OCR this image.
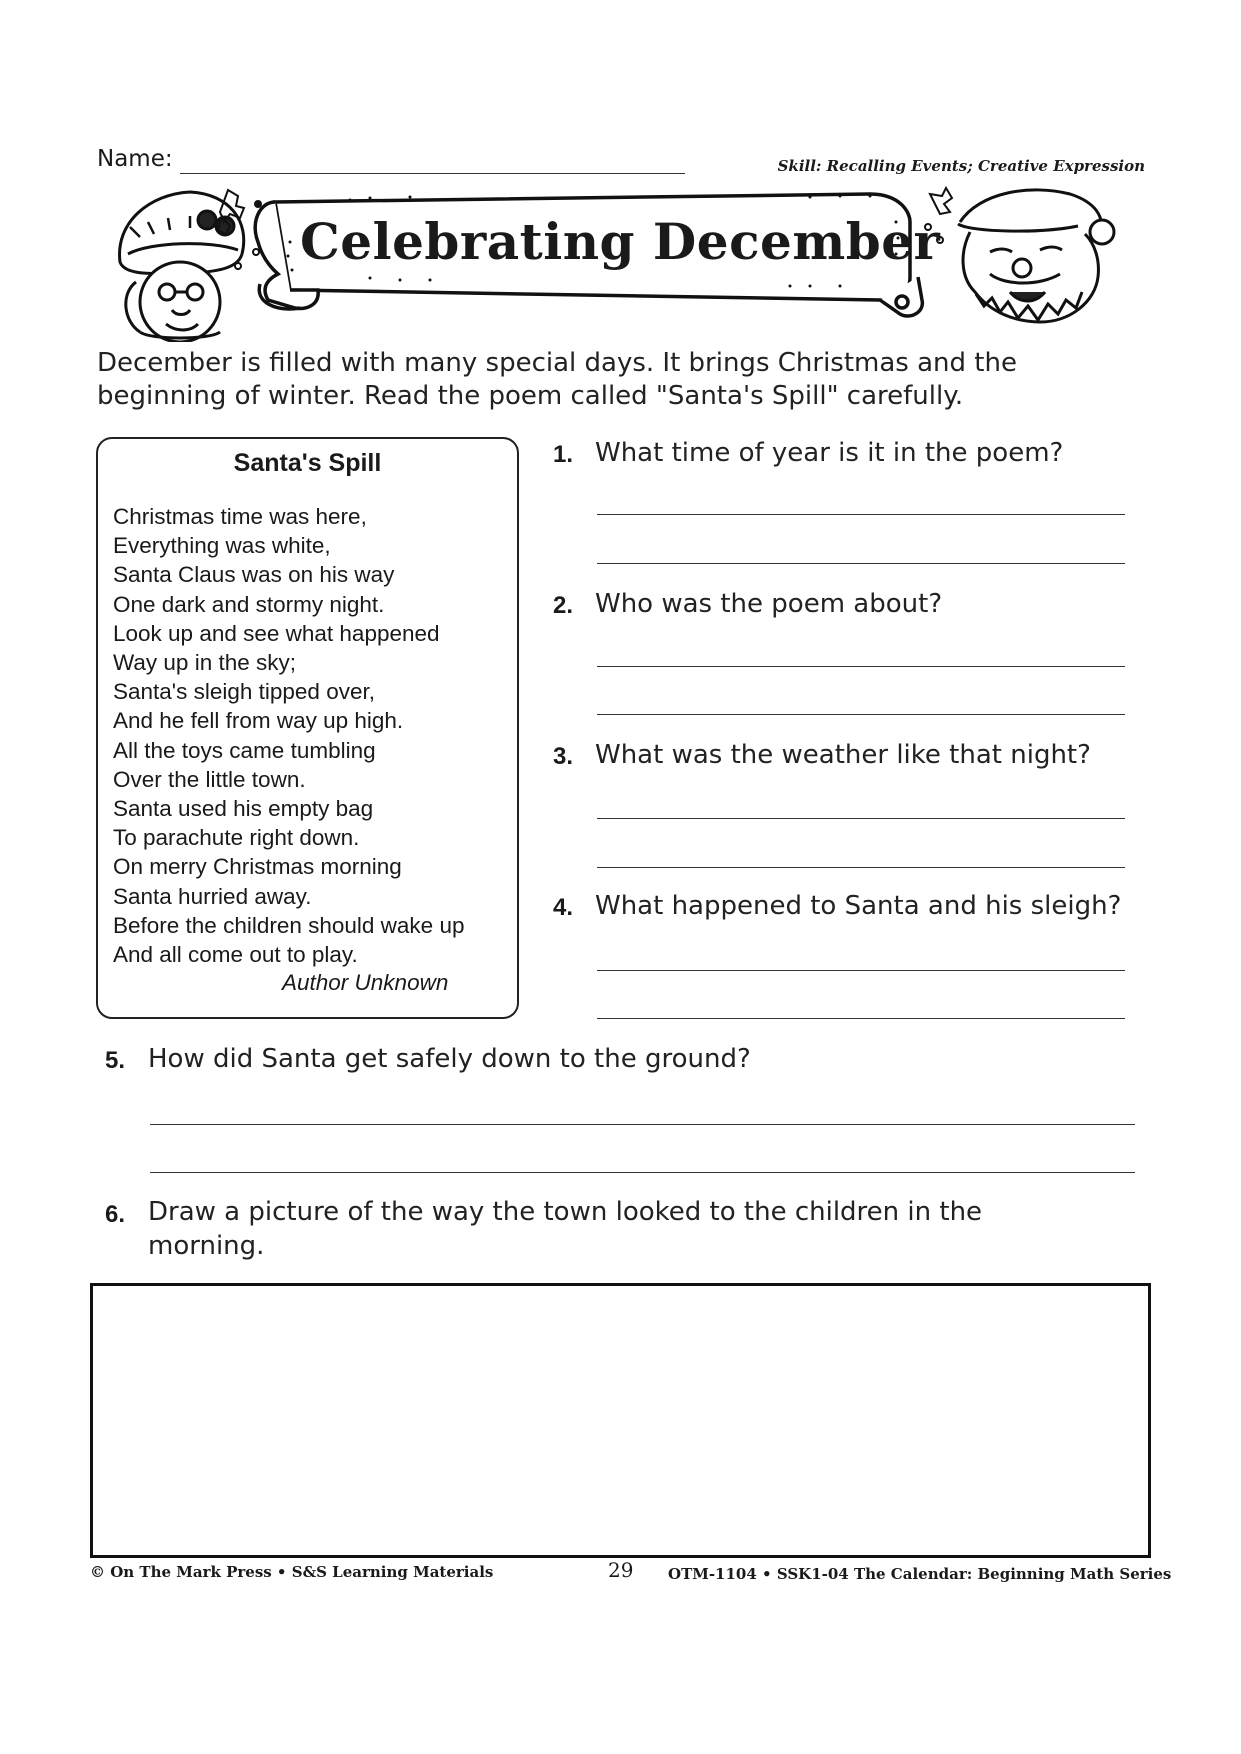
Name:	Skill: Recalling Events; Creative Expression
Celebrating December
December is filled with many special days. It brings Christmas and the beginning of winter. Read the poem called "Santa's Spill" carefully.
Santa's Spill
Christmas time was here,
Everything was white,
Santa Claus was on his way
One dark and stormy night.
Look up and see what happened
Way up in the sky;
Santa's sleigh tipped over,
And he fell from way up high.
All the toys came tumbling
Over the little town.
Santa used his empty bag
To parachute right down.
On merry Christmas morning
Santa hurried away.
Before the children should wake up
And all come out to play.
Author Unknown
1. What time of year is it in the poem?
2. Who was the poem about?
3. What was the weather like that night?
4. What happened to Santa and his sleigh?
5. How did Santa get safely down to the ground?
6. Draw a picture of the way the town looked to the children in the
morning.
© On The Mark Press • S&S Learning Materials	29 OTM-1104 • SSK1-04 The Calendar: Beginning Math Series
